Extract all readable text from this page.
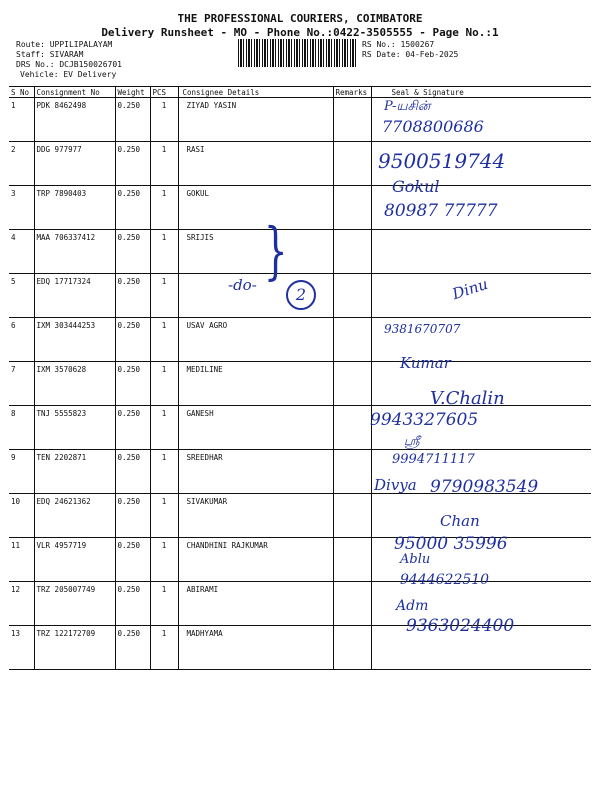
THE PROFESSIONAL COURIERS, COIMBATORE
Delivery Runsheet - MO - Phone No.:0422-3505555 - Page No.:1
Route: UPPILIPALAYAM
Staff: SIVARAM
DRS No.: DCJB150026701
Vehicle: EV Delivery
RS No.: 1500267
RS Date: 04-Feb-2025
S No	Consignment No	Weight	PCS	Consignee Details	Remarks	Seal & Signature
1	PDK 8462498	0.250	1	ZIYAD YASIN		
2	DDG 977977	0.250	1	RASI		
3	TRP 7890403	0.250	1	GOKUL		
4	MAA 706337412	0.250	1	SRIJIS		
5	EDQ 17717324	0.250	1			
6	IXM 303444253	0.250	1	USAV AGRO		
7	IXM 3570628	0.250	1	MEDILINE		
8	TNJ 5555823	0.250	1	GANESH		
9	TEN 2202871	0.250	1	SREEDHAR		
10	EDQ 24621362	0.250	1	SIVAKUMAR		
11	VLR 4957719	0.250	1	CHANDHINI RAJKUMAR		
12	TRZ 205007749	0.250	1	ABIRAMI		
13	TRZ 122172709	0.250	1	MADHYAMA		
P-யசின்
7708800686
9500519744
Gokul
80987 77777
}
-do-	2	Dinu
9381670707
Kumar
V.Chalin
9943327605
ஸ்ரீ
9994711117
Divya 9790983549
Chan
95000 35996
Ablu
9444622510
Adm
9363024400
